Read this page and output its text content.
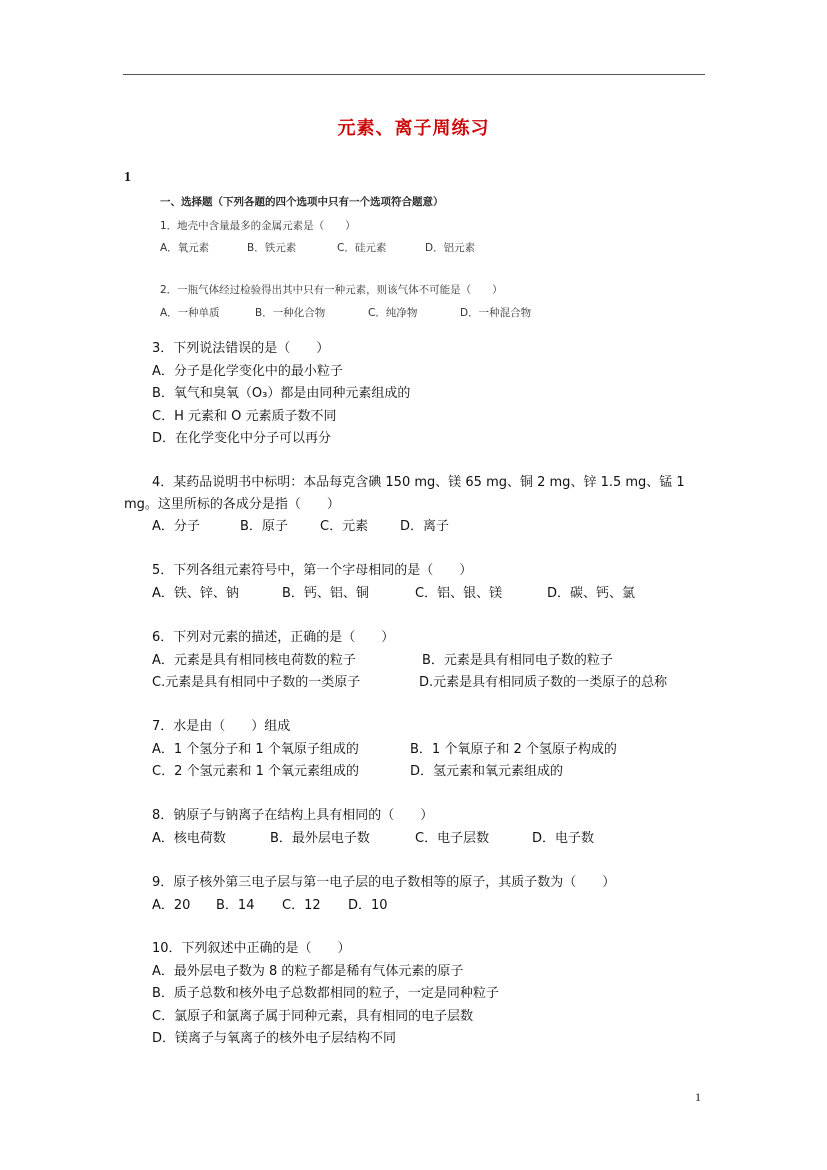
元素、离子周练习
1
一、选择题（下列各题的四个选项中只有一个选项符合题意）
1．地壳中含量最多的金属元素是（　　）
A．氧元素	B．铁元素	C．硅元素	D．铝元素
2．一瓶气体经过检验得出其中只有一种元素，则该气体不可能是（　　）
A．一种单质	B．一种化合物	C．纯净物	D．一种混合物
3．下列说法错误的是（　　）
A．分子是化学变化中的最小粒子
B．氧气和臭氧（O₃）都是由同种元素组成的
C．H 元素和 O 元素质子数不同
D．在化学变化中分子可以再分
4．某药品说明书中标明：本品每克含碘 150 mg、镁 65 mg、铜 2 mg、锌 1.5 mg、锰 1
mg。这里所标的各成分是指（　　）
A．分子	B．原子 C．元素 D．离子
5．下列各组元素符号中，第一个字母相同的是（　　）
A．铁、锌、钠	B．钙、铝、铜	C．铝、银、镁	D．碳、钙、氯
6．下列对元素的描述，正确的是（　　）
A．元素是具有相同核电荷数的粒子	B．元素是具有相同电子数的粒子
C.元素是具有相同中子数的一类原子	D.元素是具有相同质子数的一类原子的总称
7．水是由（　　）组成
A．1 个氢分子和 1 个氧原子组成的	B．1 个氧原子和 2 个氢原子构成的
C．2 个氢元素和 1 个氧元素组成的	D．氢元素和氧元素组成的
8．钠原子与钠离子在结构上具有相同的（　　）
A．核电荷数	B．最外层电子数	C．电子层数	D．电子数
9．原子核外第三电子层与第一电子层的电子数相等的原子，其质子数为（　　）
A．20 B．14 C．12 D．10
10．下列叙述中正确的是（　　）
A．最外层电子数为 8 的粒子都是稀有气体元素的原子
B．质子总数和核外电子总数都相同的粒子，一定是同种粒子
C．氯原子和氯离子属于同种元素，具有相同的电子层数
D．镁离子与氧离子的核外电子层结构不同
1
